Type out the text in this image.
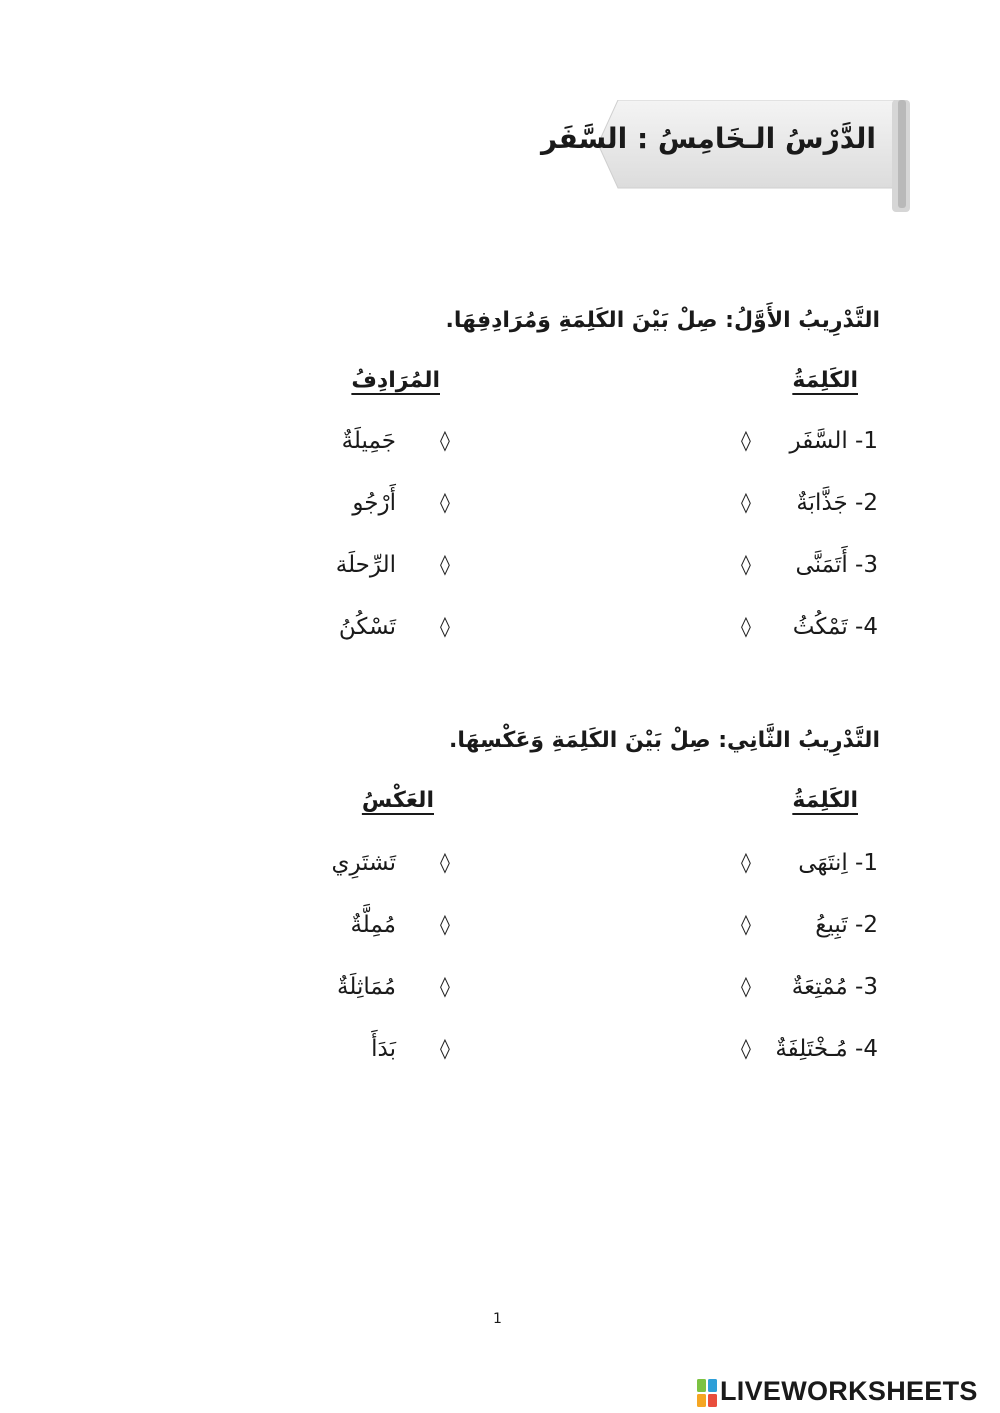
الدَّرْسُ الـخَامِسُ : السَّفَر
التَّدْرِيبُ الأَوَّلُ: صِلْ بَيْنَ الكَلِمَةِ وَمُرَادِفِهَا.
الكَلِمَةُ
المُرَادِفُ
1- السَّفَر
◊
◊
جَمِيلَةٌ
2- جَذَّابَةٌ
◊
◊
أَرْجُو
3- أَتَمَنَّى
◊
◊
الرِّحلَة
4- تَمْكُثُ
◊
◊
تَسْكُنُ
التَّدْرِيبُ الثَّانِي: صِلْ بَيْنَ الكَلِمَةِ وَعَكْسِهَا.
الكَلِمَةُ
العَكْسُ
1- اِنتَهَى
◊
◊
تَشتَرِي
2- تَبِيعُ
◊
◊
مُمِلَّةٌ
3- مُمْتِعَةٌ
◊
◊
مُمَاثِلَةٌ
4- مُـخْتَلِفَةٌ
◊
◊
بَدَأَ
1
LIVEWORKSHEETS
